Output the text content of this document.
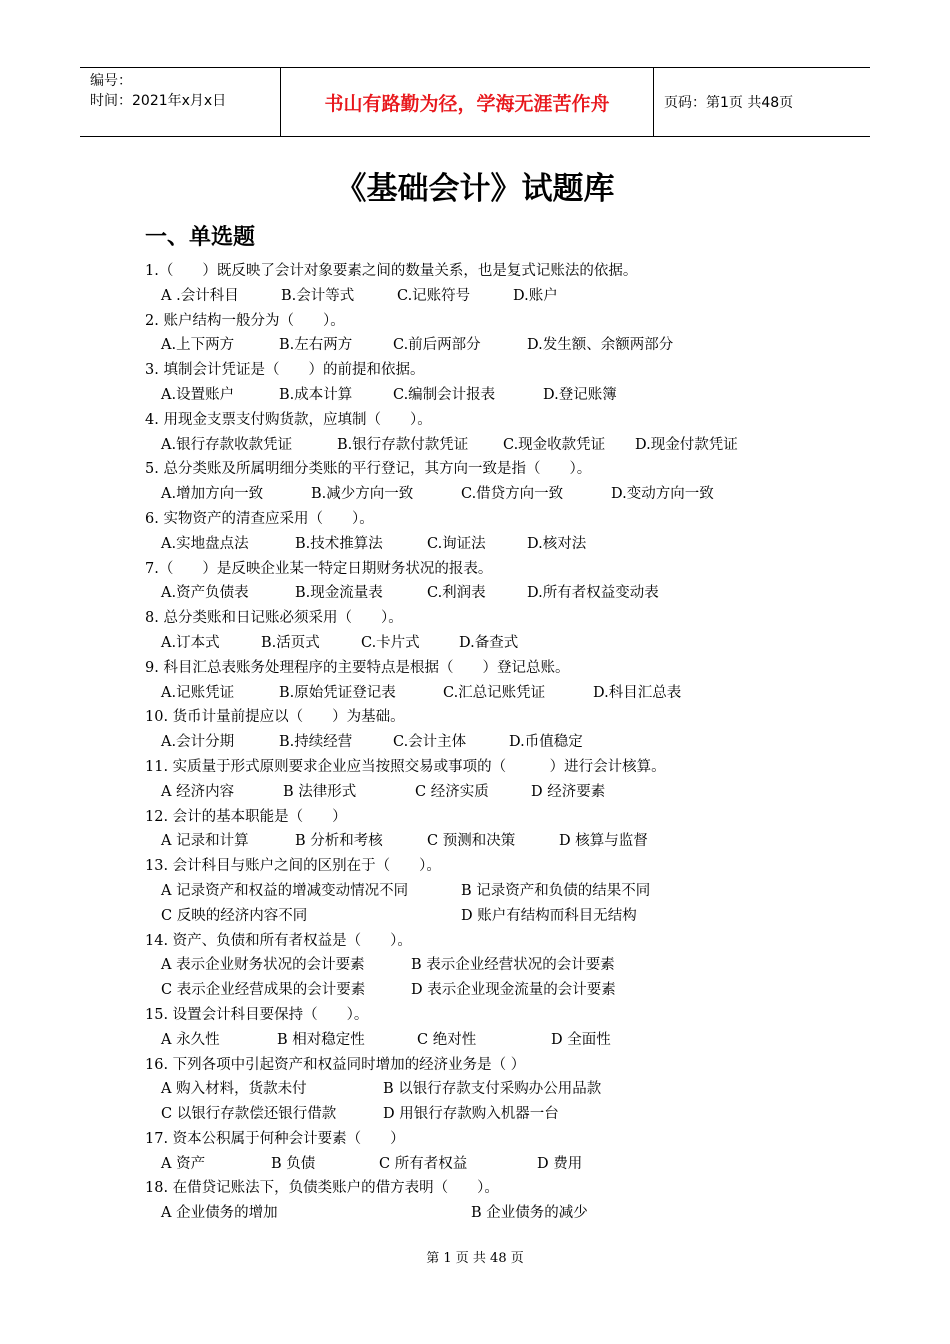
编号：
时间：2021年x月x日	书山有路勤为径，学海无涯苦作舟	页码：第1页 共48页
《基础会计》试题库
一、单选题
1.（　　）既反映了会计对象要素之间的数量关系，也是复式记账法的依据。
A .会计科目	B.会计等式	C.记账符号	D.账户
2. 账户结构一般分为（　　）。
A.上下两方	B.左右两方	C.前后两部分	D.发生额、余额两部分
3. 填制会计凭证是（　　）的前提和依据。
A.设置账户	B.成本计算	C.编制会计报表	D.登记账簿
4. 用现金支票支付购货款，应填制（　　）。
A.银行存款收款凭证	B.银行存款付款凭证 C.现金收款凭证 D.现金付款凭证
5. 总分类账及所属明细分类账的平行登记，其方向一致是指（　　）。
A.增加方向一致	B.减少方向一致	C.借贷方向一致	D.变动方向一致
6. 实物资产的清查应采用（　　）。
A.实地盘点法	B.技术推算法	C.询证法	D.核对法
7.（　　）是反映企业某一特定日期财务状况的报表。
A.资产负债表	B.现金流量表	C.利润表	D.所有者权益变动表
8. 总分类账和日记账必须采用（　　）。
A.订本式	B.活页式	C.卡片式	D.备查式
9. 科目汇总表账务处理程序的主要特点是根据（　　）登记总账。
A.记账凭证	B.原始凭证登记表	C.汇总记账凭证	D.科目汇总表
10. 货币计量前提应以（　　）为基础。
A.会计分期	B.持续经营	C.会计主体	D.币值稳定
11. 实质量于形式原则要求企业应当按照交易或事项的（　　　）进行会计核算。
A 经济内容	B 法律形式	C 经济实质	D 经济要素
12. 会计的基本职能是（　　）
A 记录和计算	B 分析和考核	C 预测和决策	D 核算与监督
13. 会计科目与账户之间的区别在于（　　）。
A 记录资产和权益的增减变动情况不同	B 记录资产和负债的结果不同
C 反映的经济内容不同	D 账户有结构而科目无结构
14. 资产、负债和所有者权益是（　　）。
A 表示企业财务状况的会计要素	B 表示企业经营状况的会计要素
C 表示企业经营成果的会计要素	D 表示企业现金流量的会计要素
15. 设置会计科目要保持（　　）。
A 永久性	B 相对稳定性	C 绝对性	D 全面性
16. 下列各项中引起资产和权益同时增加的经济业务是（ ）
A 购入材料，货款未付	B 以银行存款支付采购办公用品款
C 以银行存款偿还银行借款	D 用银行存款购入机器一台
17. 资本公积属于何种会计要素（　　）
A 资产	B 负债	C 所有者权益	D 费用
18. 在借贷记账法下，负债类账户的借方表明（　　）。
A 企业债务的增加	B 企业债务的减少
第 1 页 共 48 页
